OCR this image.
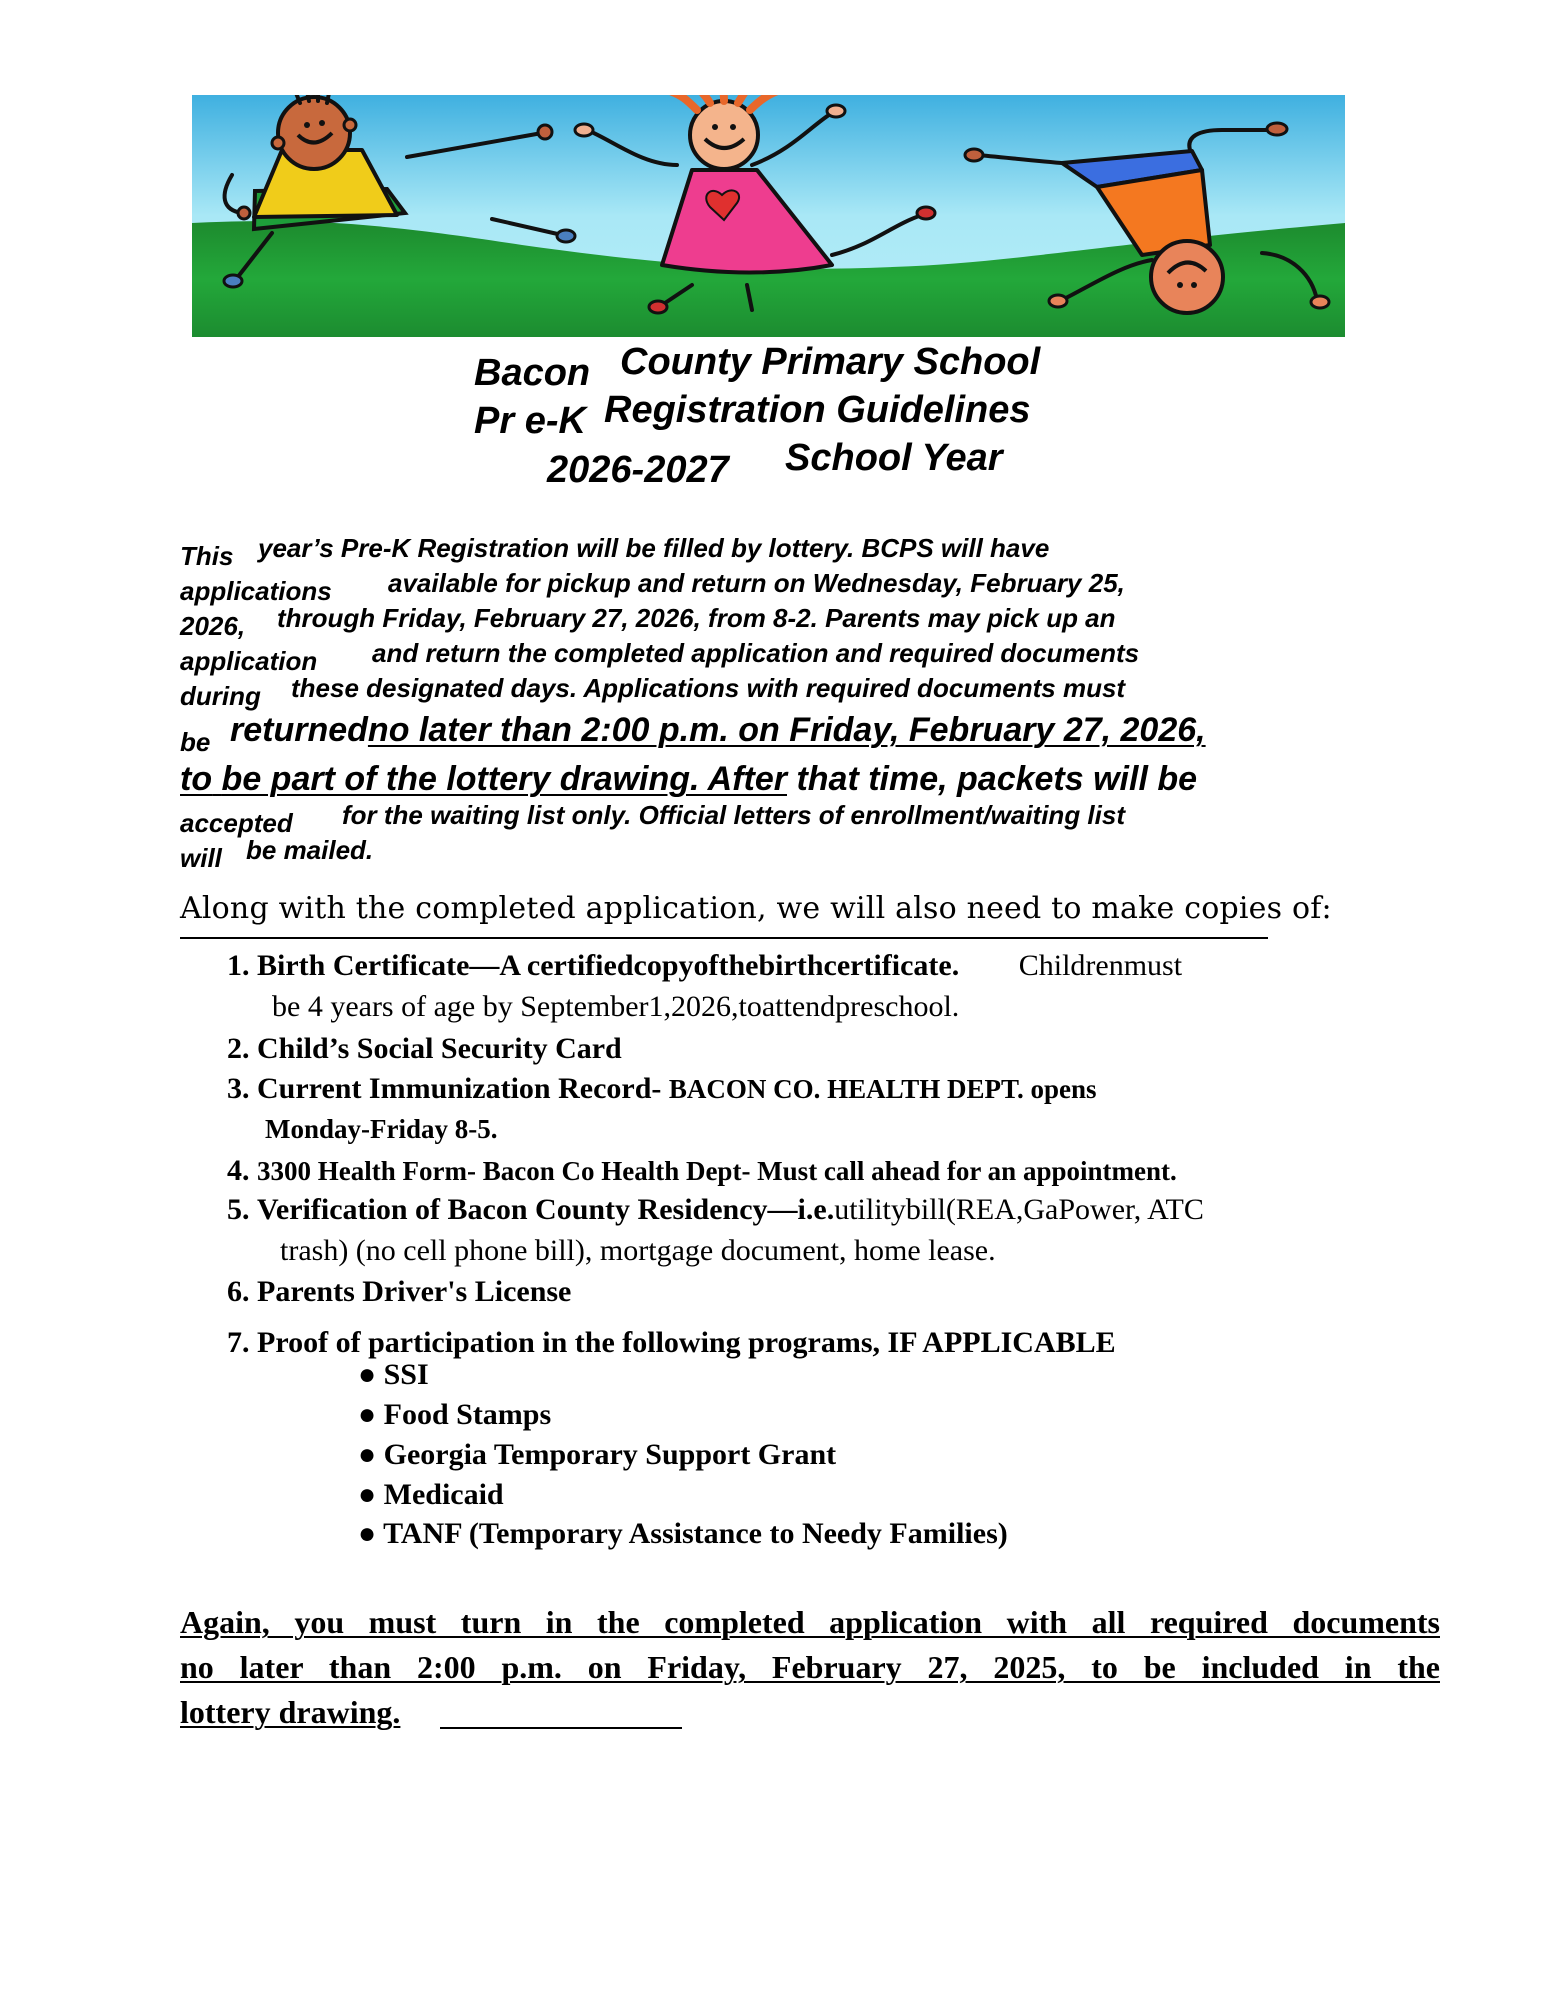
Bacon County Primary School
Pr e-K Registration Guidelines
2026-2027 School Year
This year’s Pre-K Registration will be filled by lottery. BCPS will have
applications available for pickup and return on Wednesday, February 25,
2026, through Friday, February 27, 2026, from 8-2. Parents may pick up an
application and return the completed application and required documents
during these designated days. Applications with required documents must
be returnedno later than 2:00 p.m. on Friday, February 27, 2026,
to be part of the lottery drawing. After that time, packets will be
accepted for the waiting list only. Official letters of enrollment/waiting list
will be mailed.
Along with the completed application, we will also need to make copies of:
1. Birth Certificate—A certifiedcopyofthebirthcertificate. Childrenmust
be 4 years of age by September1,2026,toattendpreschool.
2. Child’s Social Security Card
3. Current Immunization Record- BACON CO. HEALTH DEPT. opens
Monday-Friday 8-5.
4. 3300 Health Form- Bacon Co Health Dept- Must call ahead for an appointment.
5. Verification of Bacon County Residency—i.e.utilitybill(REA,GaPower, ATC
trash) (no cell phone bill), mortgage document, home lease.
6. Parents Driver's License
7. Proof of participation in the following programs, IF APPLICABLE
● SSI
● Food Stamps
● Georgia Temporary Support Grant
● Medicaid
● TANF (Temporary Assistance to Needy Families)
Again, you must turn in the completed application with all required documents
no later than 2:00 p.m. on Friday, February 27, 2025, to be included in the
lottery drawing.
